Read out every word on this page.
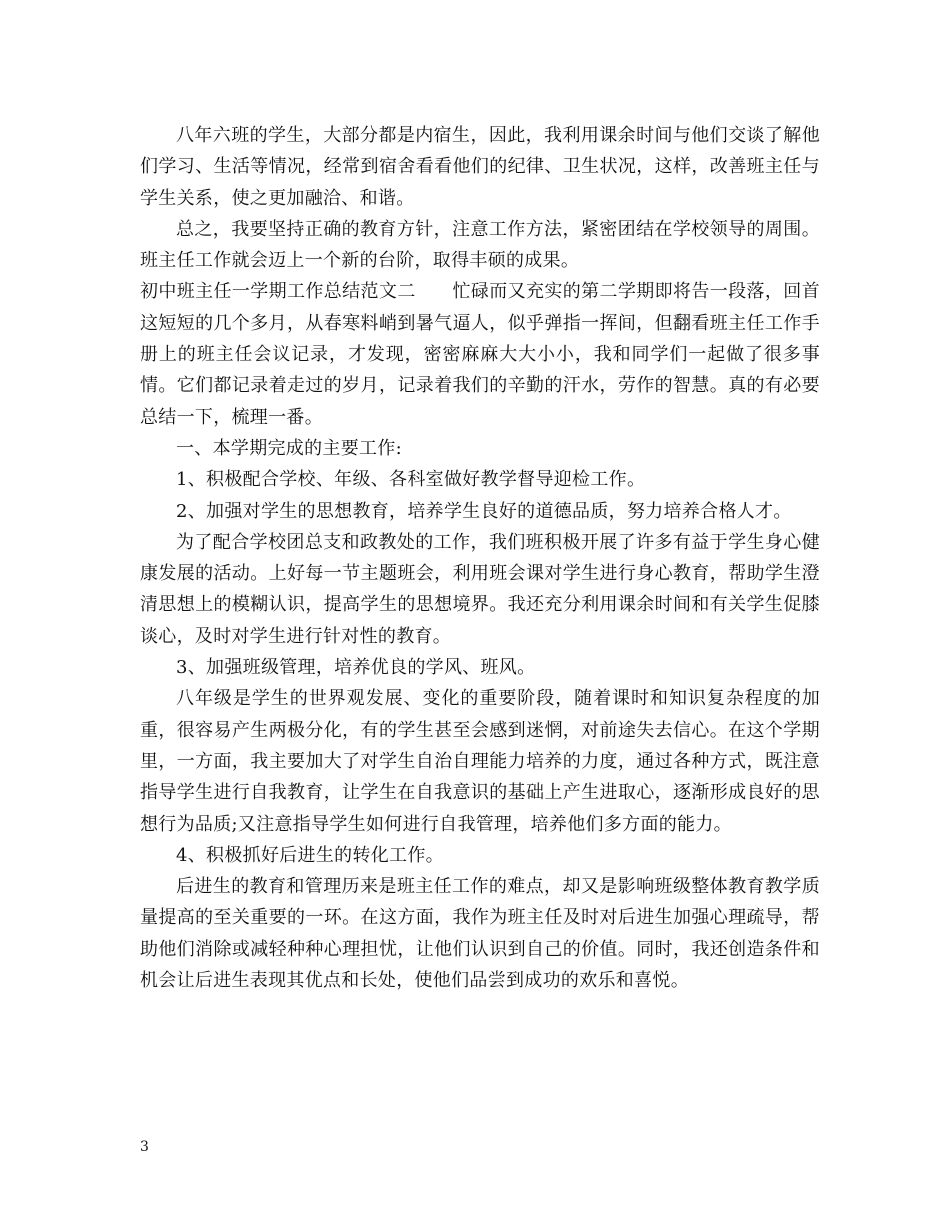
八年六班的学生，大部分都是内宿生，因此，我利用课余时间与他们交谈了解他们学习、生活等情况，经常到宿舍看看他们的纪律、卫生状况，这样，改善班主任与学生关系，使之更加融洽、和谐。

总之，我要坚持正确的教育方针，注意工作方法，紧密团结在学校领导的周围。班主任工作就会迈上一个新的台阶，取得丰硕的成果。

初中班主任一学期工作总结范文二　　忙碌而又充实的第二学期即将告一段落，回首这短短的几个多月，从春寒料峭到暑气逼人，似乎弹指一挥间，但翻看班主任工作手册上的班主任会议记录，才发现，密密麻麻大大小小，我和同学们一起做了很多事情。它们都记录着走过的岁月，记录着我们的辛勤的汗水，劳作的智慧。真的有必要总结一下，梳理一番。

一、本学期完成的主要工作:

1、积极配合学校、年级、各科室做好教学督导迎检工作。

2、加强对学生的思想教育，培养学生良好的道德品质，努力培养合格人才。

为了配合学校团总支和政教处的工作，我们班积极开展了许多有益于学生身心健康发展的活动。上好每一节主题班会，利用班会课对学生进行身心教育，帮助学生澄清思想上的模糊认识，提高学生的思想境界。我还充分利用课余时间和有关学生促膝谈心，及时对学生进行针对性的教育。

3、加强班级管理，培养优良的学风、班风。

八年级是学生的世界观发展、变化的重要阶段，随着课时和知识复杂程度的加重，很容易产生两极分化，有的学生甚至会感到迷惘，对前途失去信心。在这个学期里，一方面，我主要加大了对学生自治自理能力培养的力度，通过各种方式，既注意指导学生进行自我教育，让学生在自我意识的基础上产生进取心，逐渐形成良好的思想行为品质;又注意指导学生如何进行自我管理，培养他们多方面的能力。

4、积极抓好后进生的转化工作。

后进生的教育和管理历来是班主任工作的难点，却又是影响班级整体教育教学质量提高的至关重要的一环。在这方面，我作为班主任及时对后进生加强心理疏导，帮助他们消除或减轻种种心理担忧，让他们认识到自己的价值。同时，我还创造条件和机会让后进生表现其优点和长处，使他们品尝到成功的欢乐和喜悦。

3
